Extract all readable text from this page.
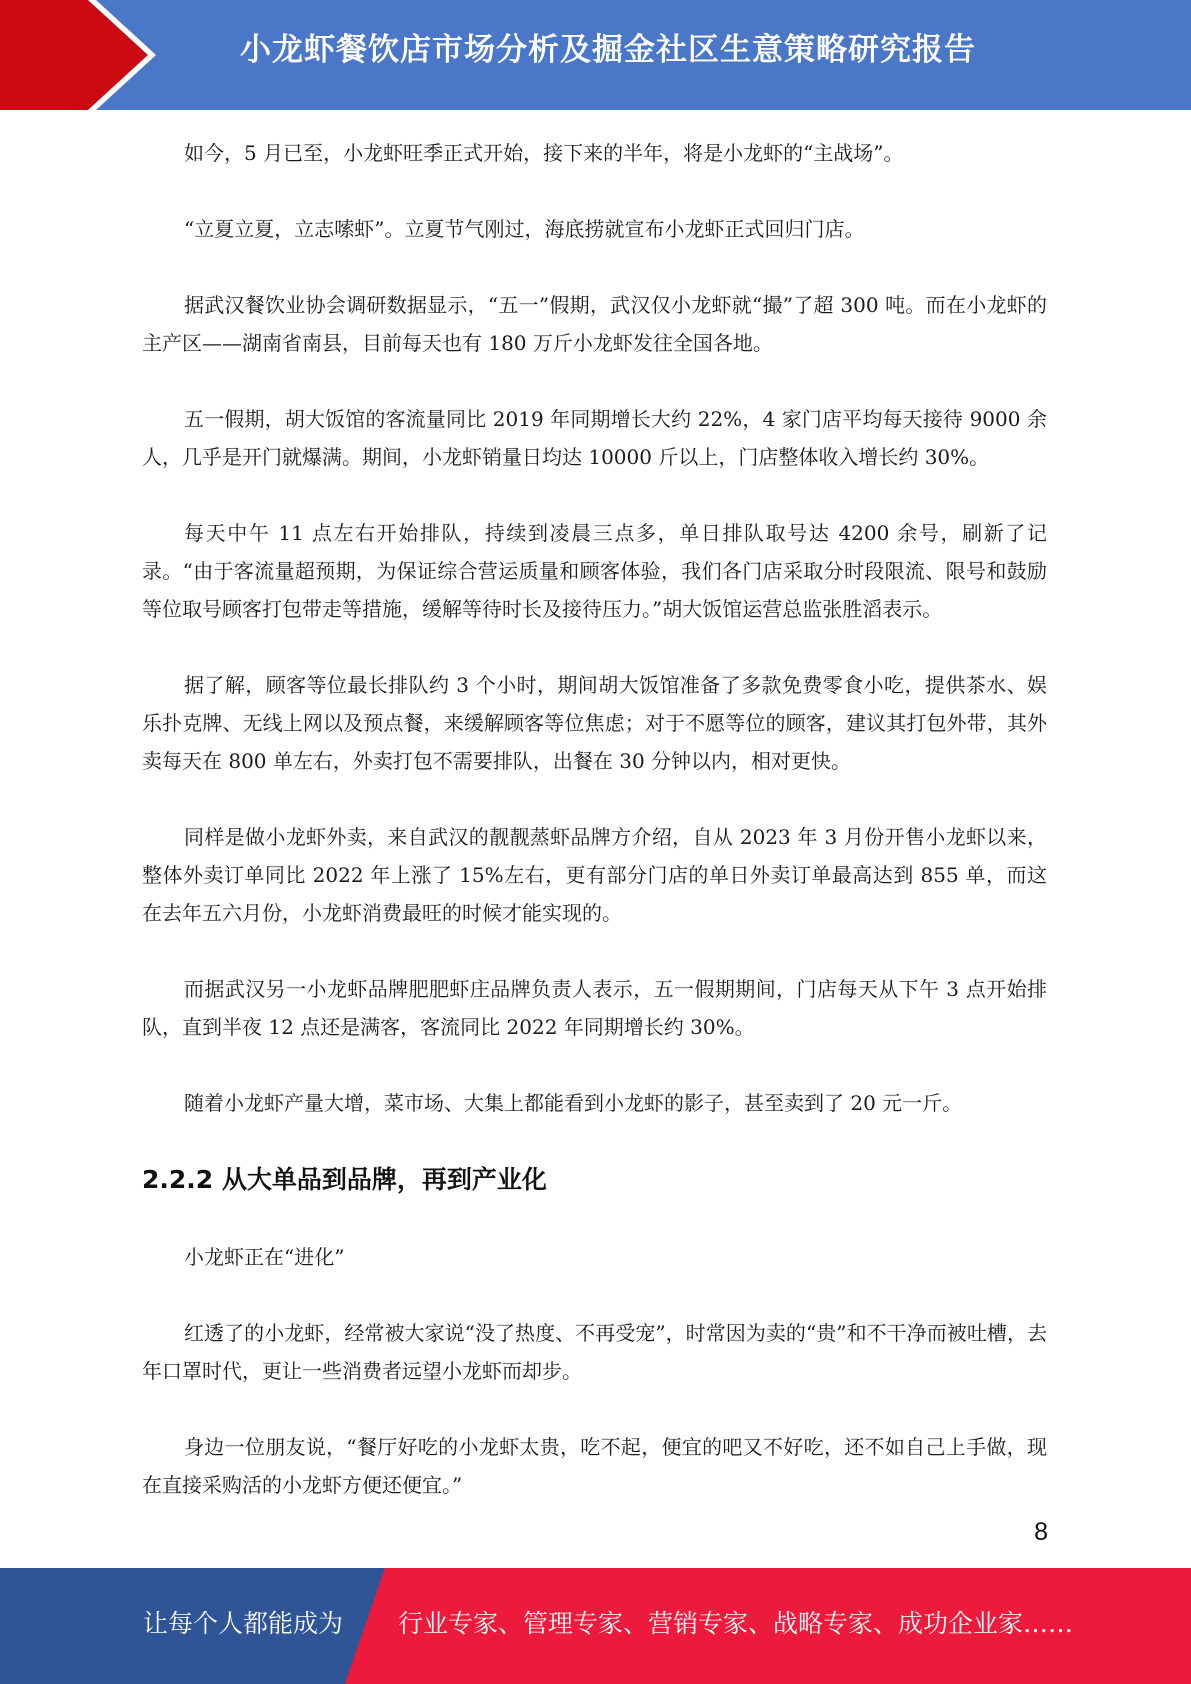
小龙虾餐饮店市场分析及掘金社区生意策略研究报告

如今，5 月已至，小龙虾旺季正式开始，接下来的半年，将是小龙虾的“主战场”。

“立夏立夏，立志嗦虾”。立夏节气刚过，海底捞就宣布小龙虾正式回归门店。

据武汉餐饮业协会调研数据显示，“五一”假期，武汉仅小龙虾就“撮”了超 300 吨。而在小龙虾的主产区——湖南省南县，目前每天也有 180 万斤小龙虾发往全国各地。

五一假期，胡大饭馆的客流量同比 2019 年同期增长大约 22%，4 家门店平均每天接待 9000 余人，几乎是开门就爆满。期间，小龙虾销量日均达 10000 斤以上，门店整体收入增长约 30%。

每天中午 11 点左右开始排队，持续到凌晨三点多，单日排队取号达 4200 余号，刷新了记录。“由于客流量超预期，为保证综合营运质量和顾客体验，我们各门店采取分时段限流、限号和鼓励等位取号顾客打包带走等措施，缓解等待时长及接待压力。”胡大饭馆运营总监张胜滔表示。

据了解，顾客等位最长排队约 3 个小时，期间胡大饭馆准备了多款免费零食小吃，提供茶水、娱乐扑克牌、无线上网以及预点餐，来缓解顾客等位焦虑；对于不愿等位的顾客，建议其打包外带，其外卖每天在 800 单左右，外卖打包不需要排队，出餐在 30 分钟以内，相对更快。

同样是做小龙虾外卖，来自武汉的靓靓蒸虾品牌方介绍，自从 2023 年 3 月份开售小龙虾以来，整体外卖订单同比 2022 年上涨了 15%左右，更有部分门店的单日外卖订单最高达到 855 单，而这在去年五六月份，小龙虾消费最旺的时候才能实现的。

而据武汉另一小龙虾品牌肥肥虾庄品牌负责人表示，五一假期期间，门店每天从下午 3 点开始排队，直到半夜 12 点还是满客，客流同比 2022 年同期增长约 30%。

随着小龙虾产量大增，菜市场、大集上都能看到小龙虾的影子，甚至卖到了 20 元一斤。

2.2.2 从大单品到品牌，再到产业化

小龙虾正在“进化”

红透了的小龙虾，经常被大家说“没了热度、不再受宠”，时常因为卖的“贵”和不干净而被吐槽，去年口罩时代，更让一些消费者远望小龙虾而却步。

身边一位朋友说，“餐厅好吃的小龙虾太贵，吃不起，便宜的吧又不好吃，还不如自己上手做，现在直接采购活的小龙虾方便还便宜。”

8
让每个人都能成为 行业专家、管理专家、营销专家、战略专家、成功企业家……
